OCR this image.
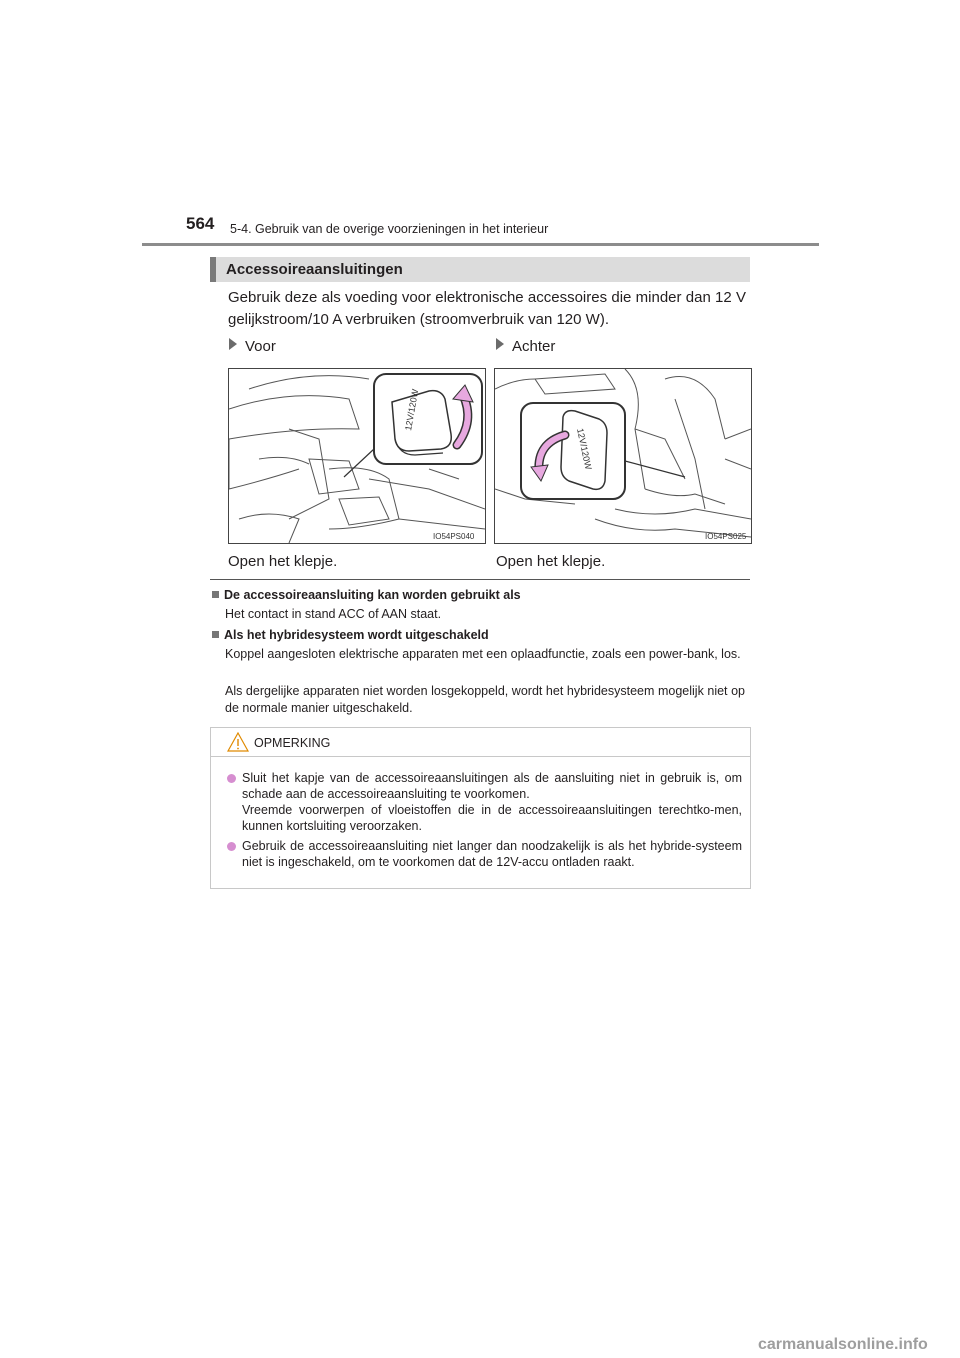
564 5-4. Gebruik van de overige voorzieningen in het interieur
Accessoireaansluitingen
Gebruik deze als voeding voor elektronische accessoires die minder dan 12 V gelijkstroom/10 A verbruiken (stroomverbruik van 120 W).
Voor	Achter
12V/120W
IO54PS040
12V/120W
IO54PS025
Open het klepje.	Open het klepje.
De accessoireaansluiting kan worden gebruikt als
Het contact in stand ACC of AAN staat.
Als het hybridesysteem wordt uitgeschakeld
Koppel aangesloten elektrische apparaten met een oplaadfunctie, zoals een power-bank, los.
Als dergelijke apparaten niet worden losgekoppeld, wordt het hybridesysteem mogelijk niet op de normale manier uitgeschakeld.
OPMERKING
Sluit het kapje van de accessoireaansluitingen als de aansluiting niet in gebruik is, om schade aan de accessoireaansluiting te voorkomen.
Vreemde voorwerpen of vloeistoffen die in de accessoireaansluitingen terechtko-men, kunnen kortsluiting veroorzaken.
Gebruik de accessoireaansluiting niet langer dan noodzakelijk is als het hybride-systeem niet is ingeschakeld, om te voorkomen dat de 12V-accu ontladen raakt.
carmanualsonline.info
